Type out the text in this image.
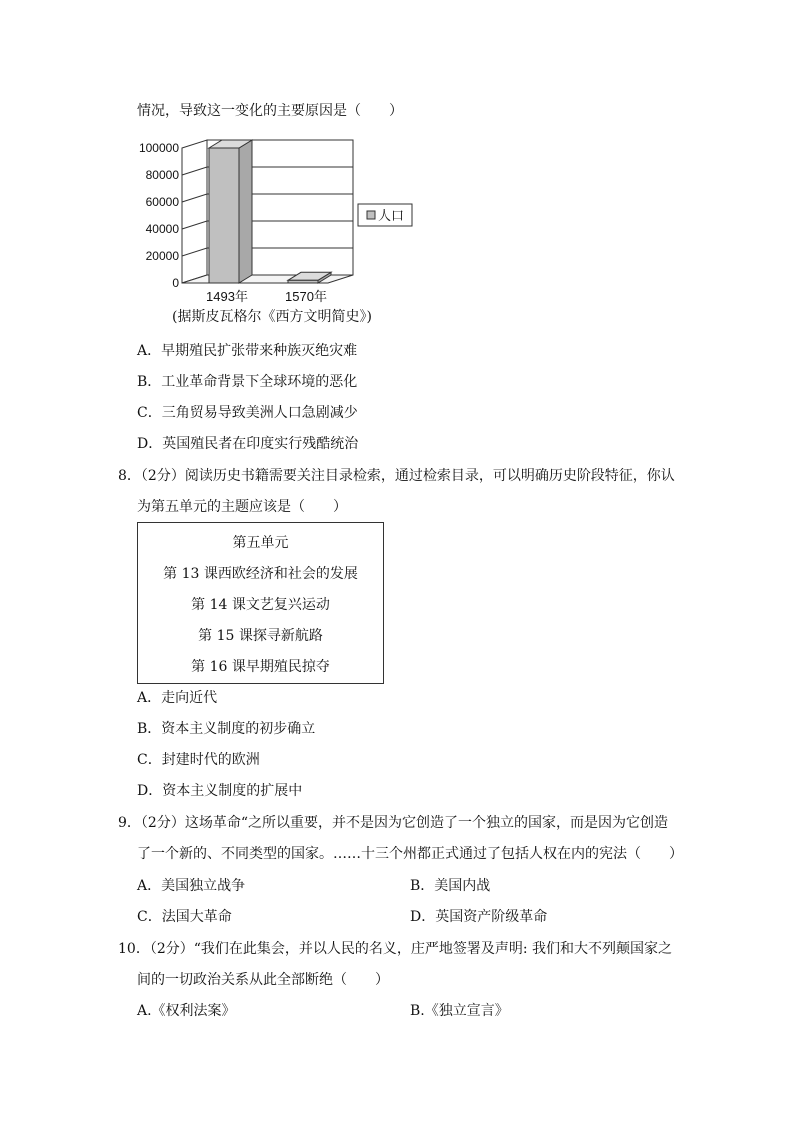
情况，导致这一变化的主要原因是（　　）
100000
80000
60000
40000
20000
0
1493年	1570年
人口
(据斯皮瓦格尔《西方文明简史》)
A．早期殖民扩张带来种族灭绝灾难
B．工业革命背景下全球环境的恶化
C．三角贸易导致美洲人口急剧减少
D．英国殖民者在印度实行残酷统治
8．（2分）阅读历史书籍需要关注目录检索，通过检索目录，可以明确历史阶段特征，你认
为第五单元的主题应该是（　　）
第五单元
第 13 课西欧经济和社会的发展
第 14 课文艺复兴运动
第 15 课探寻新航路
第 16 课早期殖民掠夺
A．走向近代
B．资本主义制度的初步确立
C．封建时代的欧洲
D．资本主义制度的扩展中
9．（2分）这场革命“之所以重要，并不是因为它创造了一个独立的国家，而是因为它创造
了一个新的、不同类型的国家。……十三个州都正式通过了包括人权在内的宪法（　　）
A．美国独立战争	B．美国内战
C．法国大革命	D．英国资产阶级革命
10．（2分）“我们在此集会，并以人民的名义，庄严地签署及声明: 我们和大不列颠国家之
间的一切政治关系从此全部断绝（　　）
A.《权利法案》	B.《独立宣言》
